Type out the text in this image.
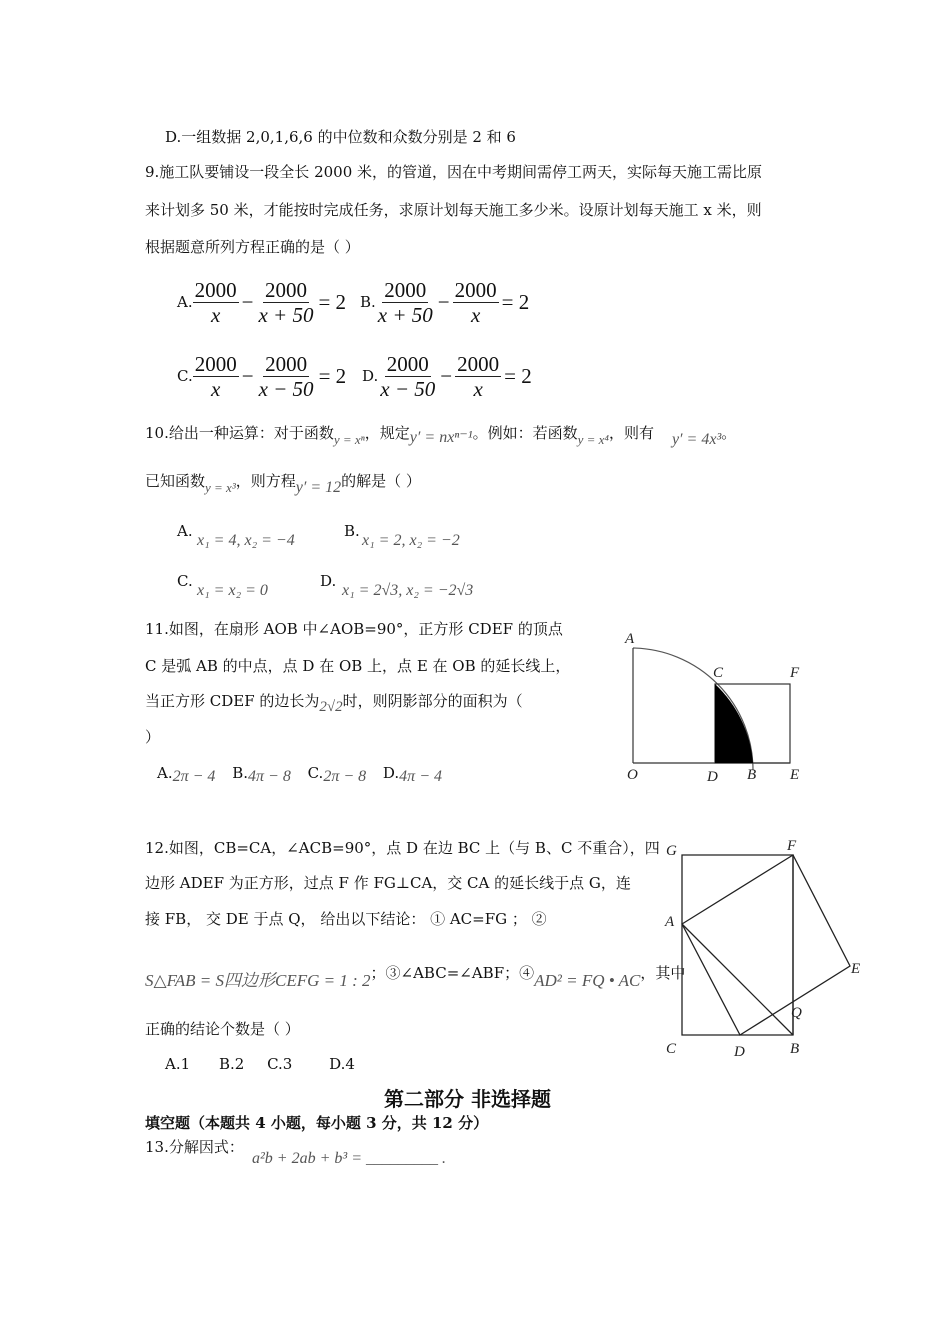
D.一组数据 2,0,1,6,6 的中位数和众数分别是 2 和 6
9.施工队要铺设一段全长 2000 米，的管道，因在中考期间需停工两天，实际每天施工需比原
来计划多 50 米，才能按时完成任务，求原计划每天施工多少米。设原计划每天施工 x 米，则
根据题意所列方程正确的是（ ）
A. $\frac{2000}{x} - \frac{2000}{x + 50} = 2$ B. $\frac{2000}{x + 50} - \frac{2000}{x} = 2$
C. $\frac{2000}{x} - \frac{2000}{x - 50} = 2$ D. $\frac{2000}{x - 50} - \frac{2000}{x} = 2$
10.给出一种运算：对于函数y = xⁿ，规定y′ = nxⁿ⁻¹。例如：若函数y = x⁴，则有 y′ = 4x³。
已知函数y = x³，则方程y′ = 12的解是（ ）
A.
x₁ = 4, x₂ = −4
B.
x₁ = 2, x₂ = −2
C.
x₁ = x₂ = 0
D.
x₁ = 2√3, x₂ = −2√3
11.如图，在扇形 AOB 中∠AOB=90°，正方形 CDEF 的顶点
C 是弧 AB 的中点，点 D 在 OB 上，点 E 在 OB 的延长线上，
当正方形 CDEF 的边长为2√2时，则阴影部分的面积为（
）
A.2π − 4 B.4π − 8 C.2π − 8 D.4π − 4
A
C	F
O	D B E
12.如图，CB=CA，∠ACB=90°，点 D 在边 BC 上（与 B、C 不重合），四
边形 ADEF 为正方形，过点 F 作 FG⊥CA，交 CA 的延长线于点 G，连
接 FB， 交 DE 于点 Q， 给出以下结论： ① AC=FG ； ②
S△FAB = S四边形CEFG = 1 : 2；③∠ABC=∠ABF；④AD² = FQ • AC，其中
正确的结论个数是（ ）
A.1 B.2 C.3 D.4
G	F
A
E
Q
C	D	B
第二部分 非选择题
填空题（本题共 4 小题，每小题 3 分，共 12 分）
13.分解因式：
a²b + 2ab + b³ = _________ .
